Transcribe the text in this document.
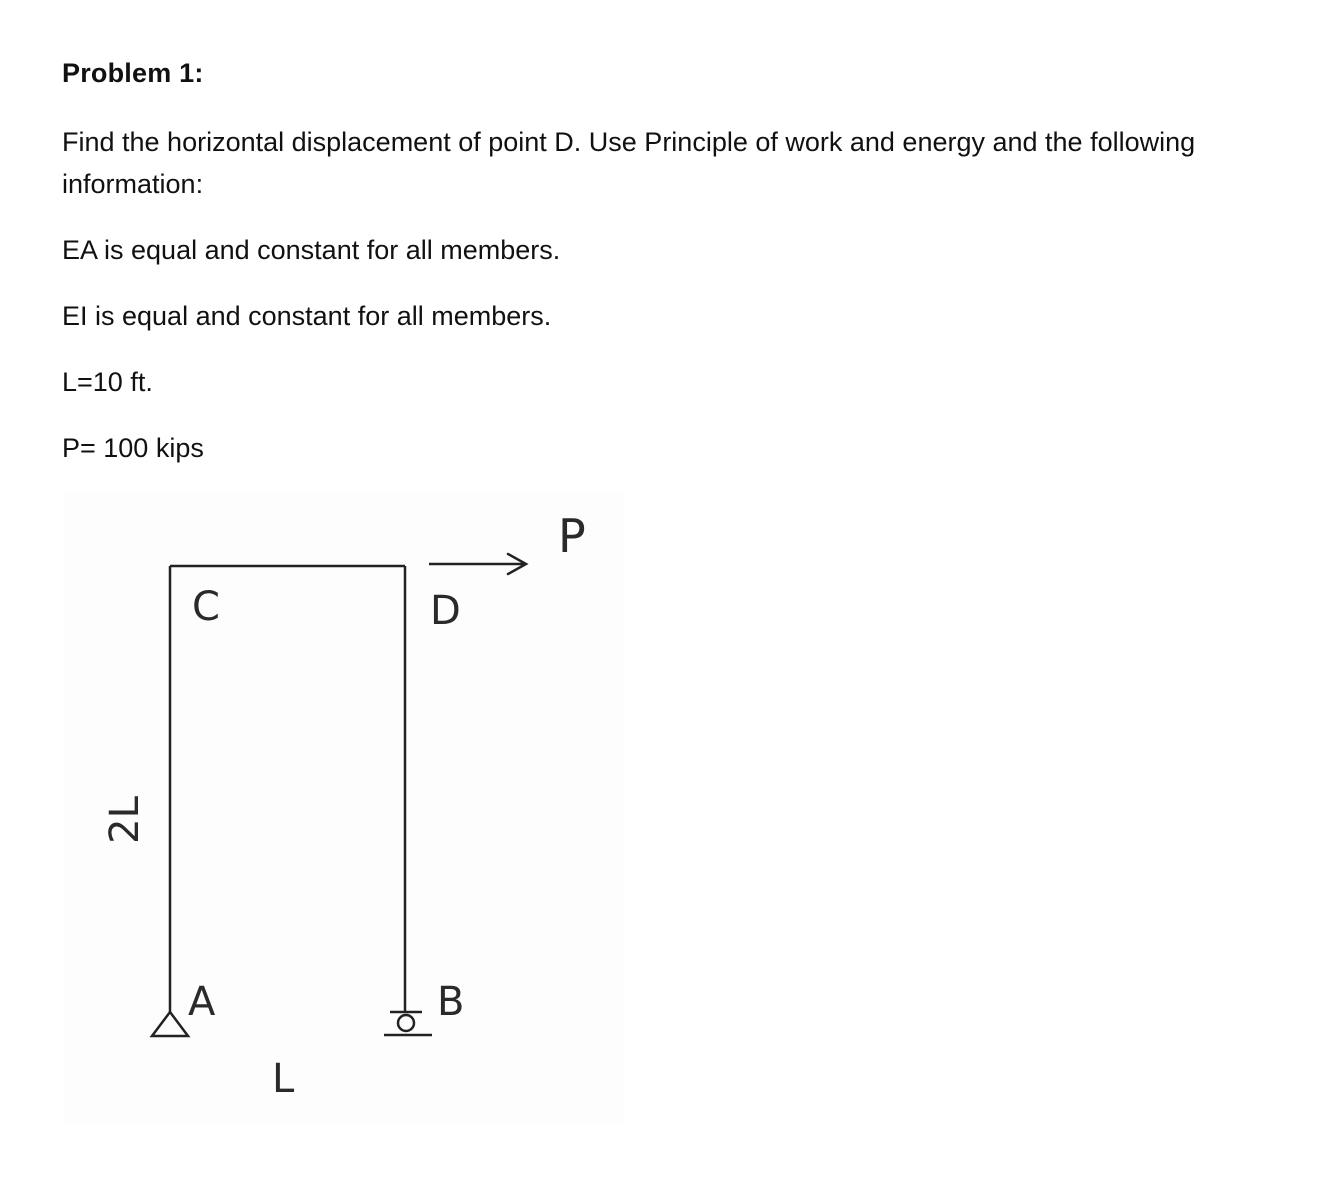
Problem 1:

Find the horizontal displacement of point D. Use Principle of work and energy and the following information:

EA is equal and constant for all members.

EI is equal and constant for all members.

L=10 ft.

P= 100 kips

P
C	D
A	B
L
2L
